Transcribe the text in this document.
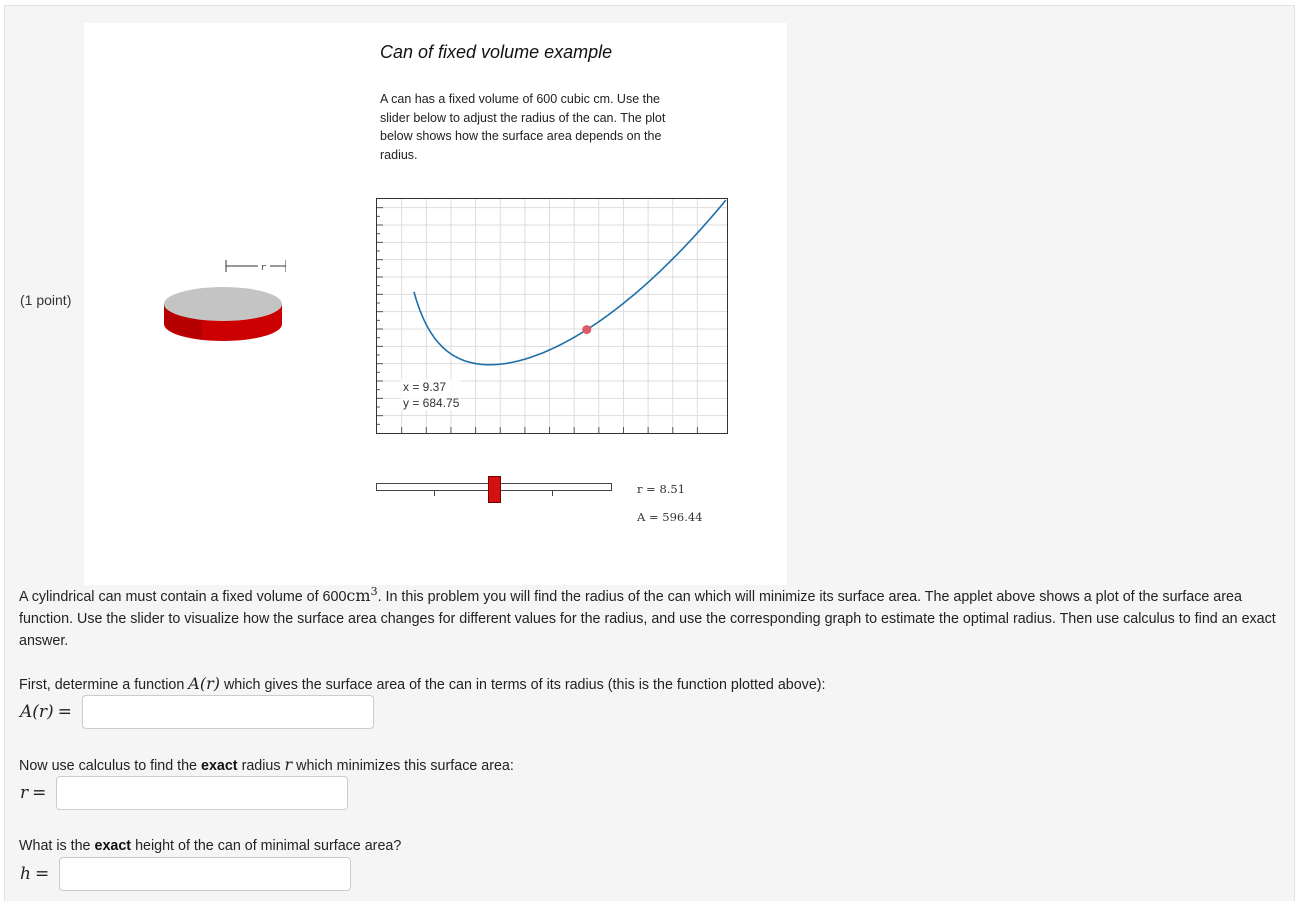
(1 point)
Can of fixed volume example
A can has a fixed volume of 600 cubic cm. Use the slider below to adjust the radius of the can. The plot below shows how the surface area depends on the radius.
r
x = 9.37
y = 684.75
r = 8.51
A = 596.44
A cylindrical can must contain a fixed volume of $600cm^3$. In this problem you will find the radius of the can which will minimize its surface area. The applet above shows a plot of the surface area function. Use the slider to visualize how the surface area changes for different values for the radius, and use the corresponding graph to estimate the optimal radius. Then use calculus to find an exact answer.
First, determine a function A(r) which gives the surface area of the can in terms of its radius (this is the function plotted above):
A(r) =
Now use calculus to find the exact radius r which minimizes this surface area:
r =
What is the exact height of the can of minimal surface area?
h =
